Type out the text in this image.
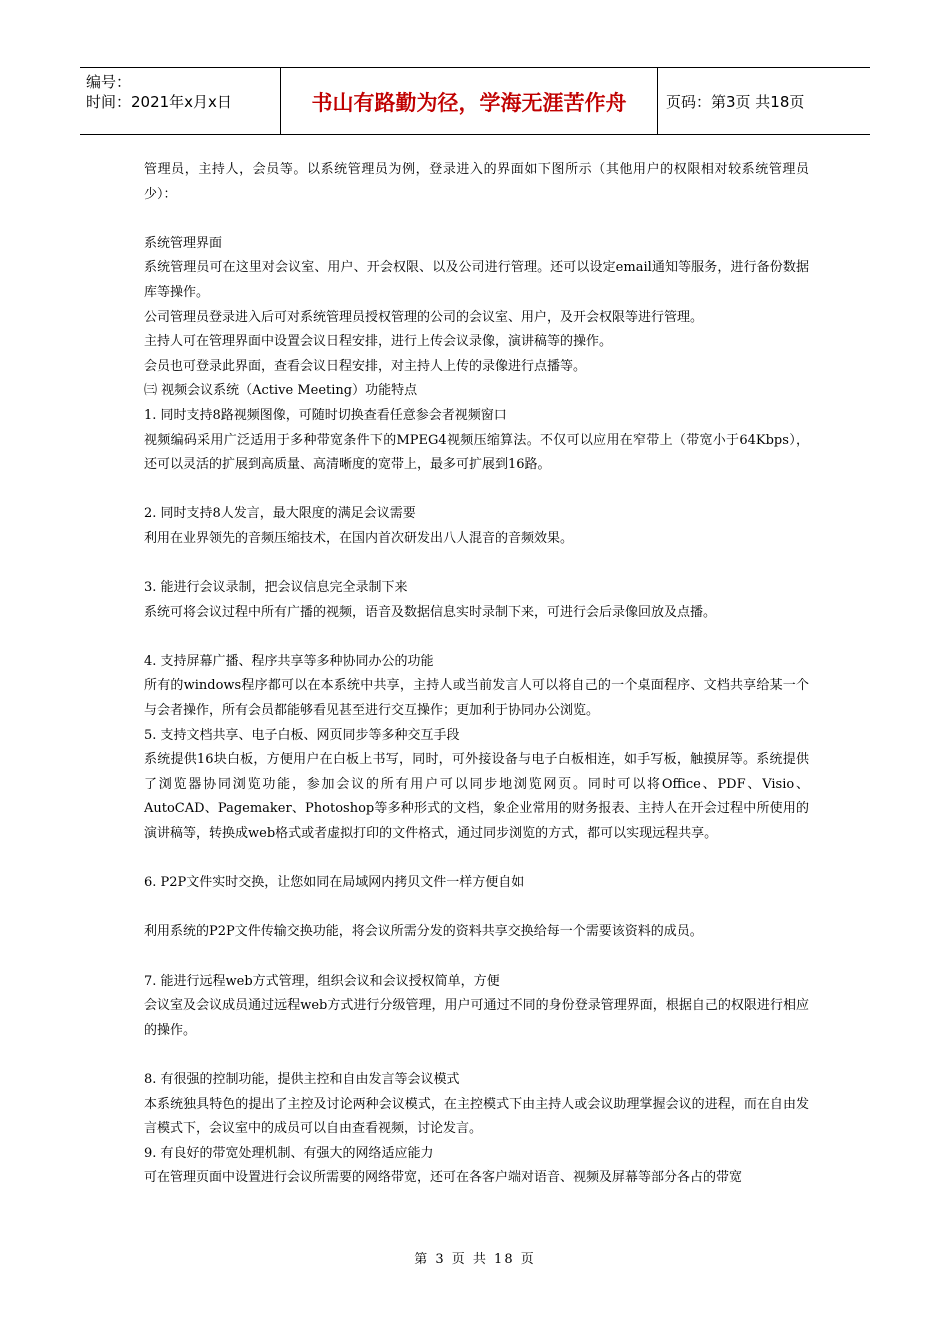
编号：
时间：2021年x月x日	书山有路勤为径，学海无涯苦作舟	页码：第3页 共18页

管理员，主持人，会员等。以系统管理员为例，登录进入的界面如下图所示（其他用户的权限相对较系统管理员少）：

系统管理界面

系统管理员可在这里对会议室、用户、开会权限、以及公司进行管理。还可以设定email通知等服务，进行备份数据库等操作。

公司管理员登录进入后可对系统管理员授权管理的公司的会议室、用户，及开会权限等进行管理。

主持人可在管理界面中设置会议日程安排，进行上传会议录像，演讲稿等的操作。

会员也可登录此界面，查看会议日程安排，对主持人上传的录像进行点播等。

㈢ 视频会议系统（Active Meeting）功能特点

1. 同时支持8路视频图像，可随时切换查看任意参会者视频窗口

视频编码采用广泛适用于多种带宽条件下的MPEG4视频压缩算法。不仅可以应用在窄带上（带宽小于64Kbps），还可以灵活的扩展到高质量、高清晰度的宽带上，最多可扩展到16路。

2. 同时支持8人发言，最大限度的满足会议需要

利用在业界领先的音频压缩技术，在国内首次研发出八人混音的音频效果。

3. 能进行会议录制，把会议信息完全录制下来

系统可将会议过程中所有广播的视频，语音及数据信息实时录制下来，可进行会后录像回放及点播。

4. 支持屏幕广播、程序共享等多种协同办公的功能

所有的windows程序都可以在本系统中共享，主持人或当前发言人可以将自己的一个桌面程序、文档共享给某一个与会者操作，所有会员都能够看见甚至进行交互操作；更加利于协同办公浏览。

5. 支持文档共享、电子白板、网页同步等多种交互手段

系统提供16块白板，方便用户在白板上书写，同时，可外接设备与电子白板相连，如手写板，触摸屏等。系统提供了浏览器协同浏览功能，参加会议的所有用户可以同步地浏览网页。同时可以将Office、PDF、Visio、AutoCAD、Pagemaker、Photoshop等多种形式的文档，象企业常用的财务报表、主持人在开会过程中所使用的演讲稿等，转换成web格式或者虚拟打印的文件格式，通过同步浏览的方式，都可以实现远程共享。

6. P2P文件实时交换，让您如同在局域网内拷贝文件一样方便自如

利用系统的P2P文件传输交换功能，将会议所需分发的资料共享交换给每一个需要该资料的成员。

7. 能进行远程web方式管理，组织会议和会议授权简单，方便

会议室及会议成员通过远程web方式进行分级管理，用户可通过不同的身份登录管理界面，根据自己的权限进行相应的操作。

8. 有很强的控制功能，提供主控和自由发言等会议模式

本系统独具特色的提出了主控及讨论两种会议模式，在主控模式下由主持人或会议助理掌握会议的进程，而在自由发言模式下，会议室中的成员可以自由查看视频，讨论发言。

9. 有良好的带宽处理机制、有强大的网络适应能力

可在管理页面中设置进行会议所需要的网络带宽，还可在各客户端对语音、视频及屏幕等部分各占的带宽

第 3 页 共 18 页
